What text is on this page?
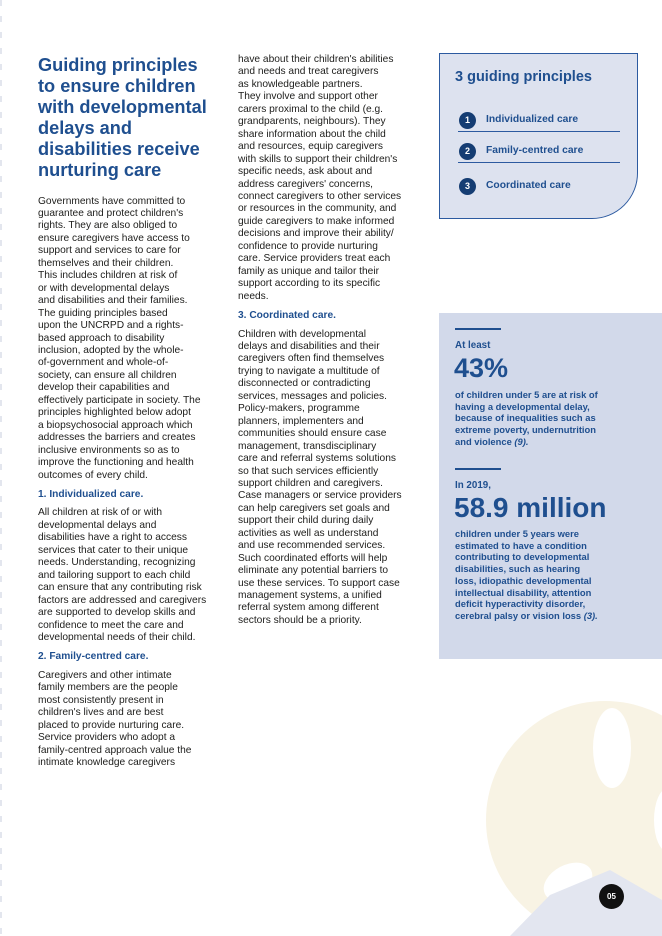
Guiding principles
to ensure children
with developmental
delays and
disabilities receive
nurturing care

Governments have committed to
guarantee and protect children's
rights. They are also obliged to
ensure caregivers have access to
support and services to care for
themselves and their children.
This includes children at risk of
or with developmental delays
and disabilities and their families.
The guiding principles based
upon the UNCRPD and a rights-
based approach to disability
inclusion, adopted by the whole-
of-government and whole-of-
society, can ensure all children
develop their capabilities and
effectively participate in society. The
principles highlighted below adopt
a biopsychosocial approach which
addresses the barriers and creates
inclusive environments so as to
improve the functioning and health
outcomes of every child.

1. Individualized care.

All children at risk of or with
developmental delays and
disabilities have a right to access
services that cater to their unique
needs. Understanding, recognizing
and tailoring support to each child
can ensure that any contributing risk
factors are addressed and caregivers
are supported to develop skills and
confidence to meet the care and
developmental needs of their child.

2. Family-centred care.

Caregivers and other intimate
family members are the people
most consistently present in
children's lives and are best
placed to provide nurturing care.
Service providers who adopt a
family-centred approach value the
intimate knowledge caregivers

have about their children's abilities
and needs and treat caregivers
as knowledgeable partners.
They involve and support other
carers proximal to the child (e.g.
grandparents, neighbours). They
share information about the child
and resources, equip caregivers
with skills to support their children's
specific needs, ask about and
address caregivers' concerns,
connect caregivers to other services
or resources in the community, and
guide caregivers to make informed
decisions and improve their ability/
confidence to provide nurturing
care. Service providers treat each
family as unique and tailor their
support according to its specific
needs.

3. Coordinated care.

Children with developmental
delays and disabilities and their
caregivers often find themselves
trying to navigate a multitude of
disconnected or contradicting
services, messages and policies.
Policy-makers, programme
planners, implementers and
communities should ensure case
management, transdisciplinary
care and referral systems solutions
so that such services efficiently
support children and caregivers.
Case managers or service providers
can help caregivers set goals and
support their child during daily
activities as well as understand
and use recommended services.
Such coordinated efforts will help
eliminate any potential barriers to
use these services. To support case
management systems, a unified
referral system among different
sectors should be a priority.

3 guiding principles
1	Individualized care
2	Family-centred care
3	Coordinated care
At least
43%
of children under 5 are at risk of
having a developmental delay,
because of inequalities such as
extreme poverty, undernutrition
and violence (9).
In 2019,
58.9 million
children under 5 years were
estimated to have a condition
contributing to developmental
disabilities, such as hearing
loss, idiopathic developmental
intellectual disability, attention
deficit hyperactivity disorder,
cerebral palsy or vision loss (3).
05
